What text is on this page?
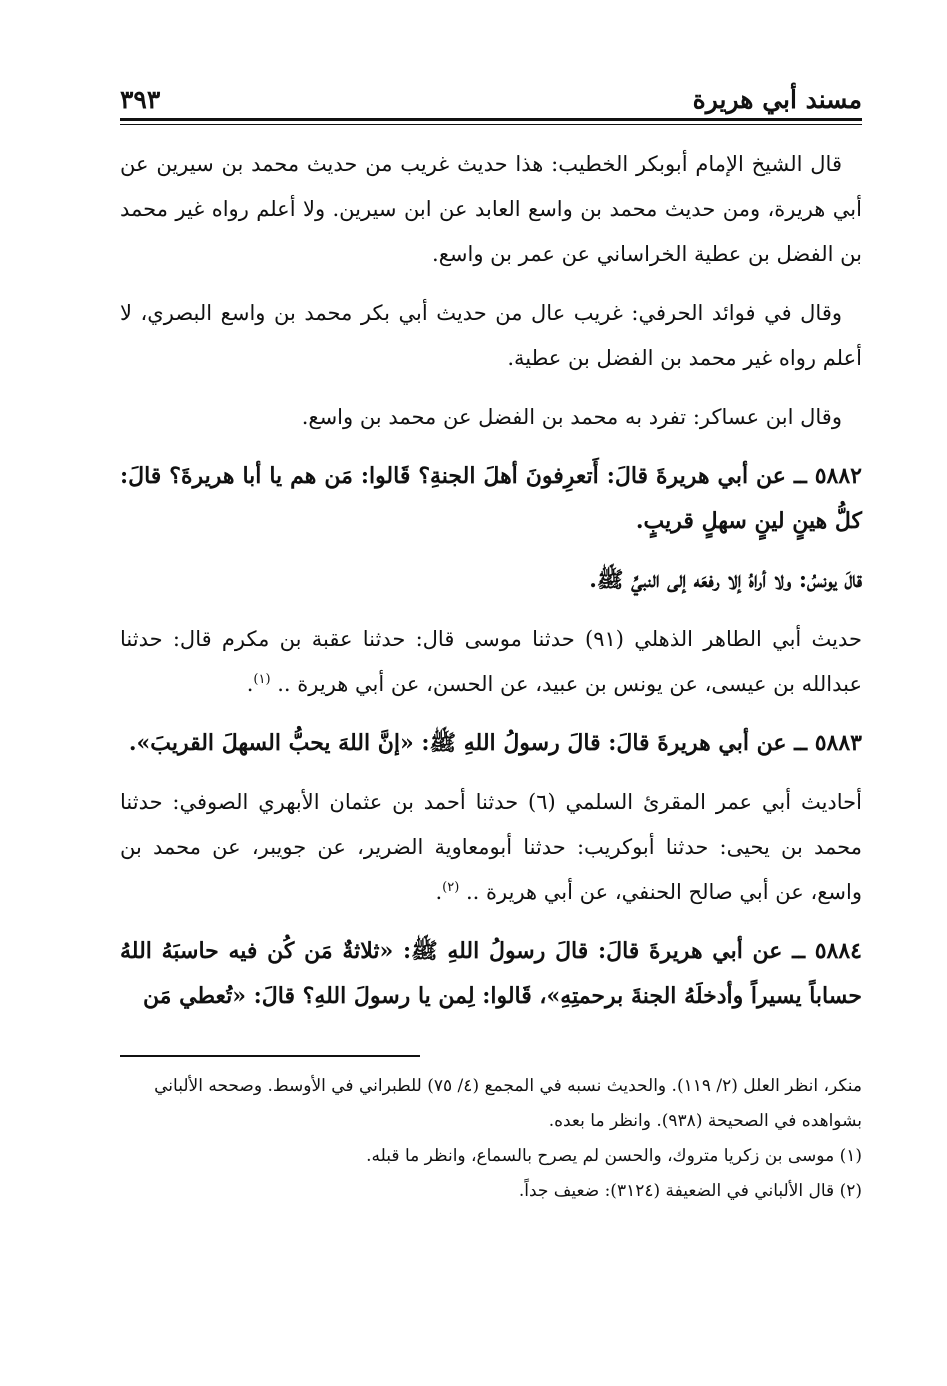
مسند أبي هريرة
٣٩٣

قال الشيخ الإمام أبوبكر الخطيب: هذا حديث غريب من حديث محمد بن سيرين عن أبي هريرة، ومن حديث محمد بن واسع العابد عن ابن سيرين. ولا أعلم رواه غير محمد بن الفضل بن عطية الخراساني عن عمر بن واسع.

وقال في فوائد الحرفي: غريب عال من حديث أبي بكر محمد بن واسع البصري، لا أعلم رواه غير محمد بن الفضل بن عطية.

وقال ابن عساكر: تفرد به محمد بن الفضل عن محمد بن واسع.

٥٨٨٢ ــ عن أبي هريرةَ قالَ: أَتعرِفونَ أهلَ الجنةِ؟ قَالوا: مَن هم يا أبا هريرةَ؟ قالَ: كلُّ هينٍ لينٍ سهلٍ قريبٍ.

قالَ يونسُ: ولا أراهُ إلا رفعَه إلى النبيِّ ﷺ.

حديث أبي الطاهر الذهلي (٩١) حدثنا موسى قال: حدثنا عقبة بن مكرم قال: حدثنا عبدالله بن عيسى، عن يونس بن عبيد، عن الحسن، عن أبي هريرة .. $^{(١)}$.

٥٨٨٣ ــ عن أبي هريرةَ قالَ: قالَ رسولُ اللهِ ﷺ: «إنَّ اللهَ يحبُّ السهلَ القريبَ».

أحاديث أبي عمر المقرئ السلمي (٦) حدثنا أحمد بن عثمان الأبهري الصوفي: حدثنا محمد بن يحيى: حدثنا أبوكريب: حدثنا أبومعاوية الضرير، عن جويبر، عن محمد بن واسع، عن أبي صالح الحنفي، عن أبي هريرة .. $^{(٢)}$.

٥٨٨٤ ــ عن أبي هريرةَ قالَ: قالَ رسولُ اللهِ ﷺ: «ثلاثةٌ مَن كُن فيه حاسبَهُ اللهُ حساباً يسيراً وأدخلَهُ الجنةَ برحمتِهِ»، قَالوا: لِمن يا رسولَ اللهِ؟ قالَ: «تُعطي مَن

منكر، انظر العلل (٢/ ١١٩). والحديث نسبه في المجمع (٤/ ٧٥) للطبراني في الأوسط. وصححه الألباني بشواهده في الصحيحة (٩٣٨). وانظر ما بعده.
(١) موسى بن زكريا متروك، والحسن لم يصرح بالسماع، وانظر ما قبله.
(٢) قال الألباني في الضعيفة (٣١٢٤): ضعيف جداً.
